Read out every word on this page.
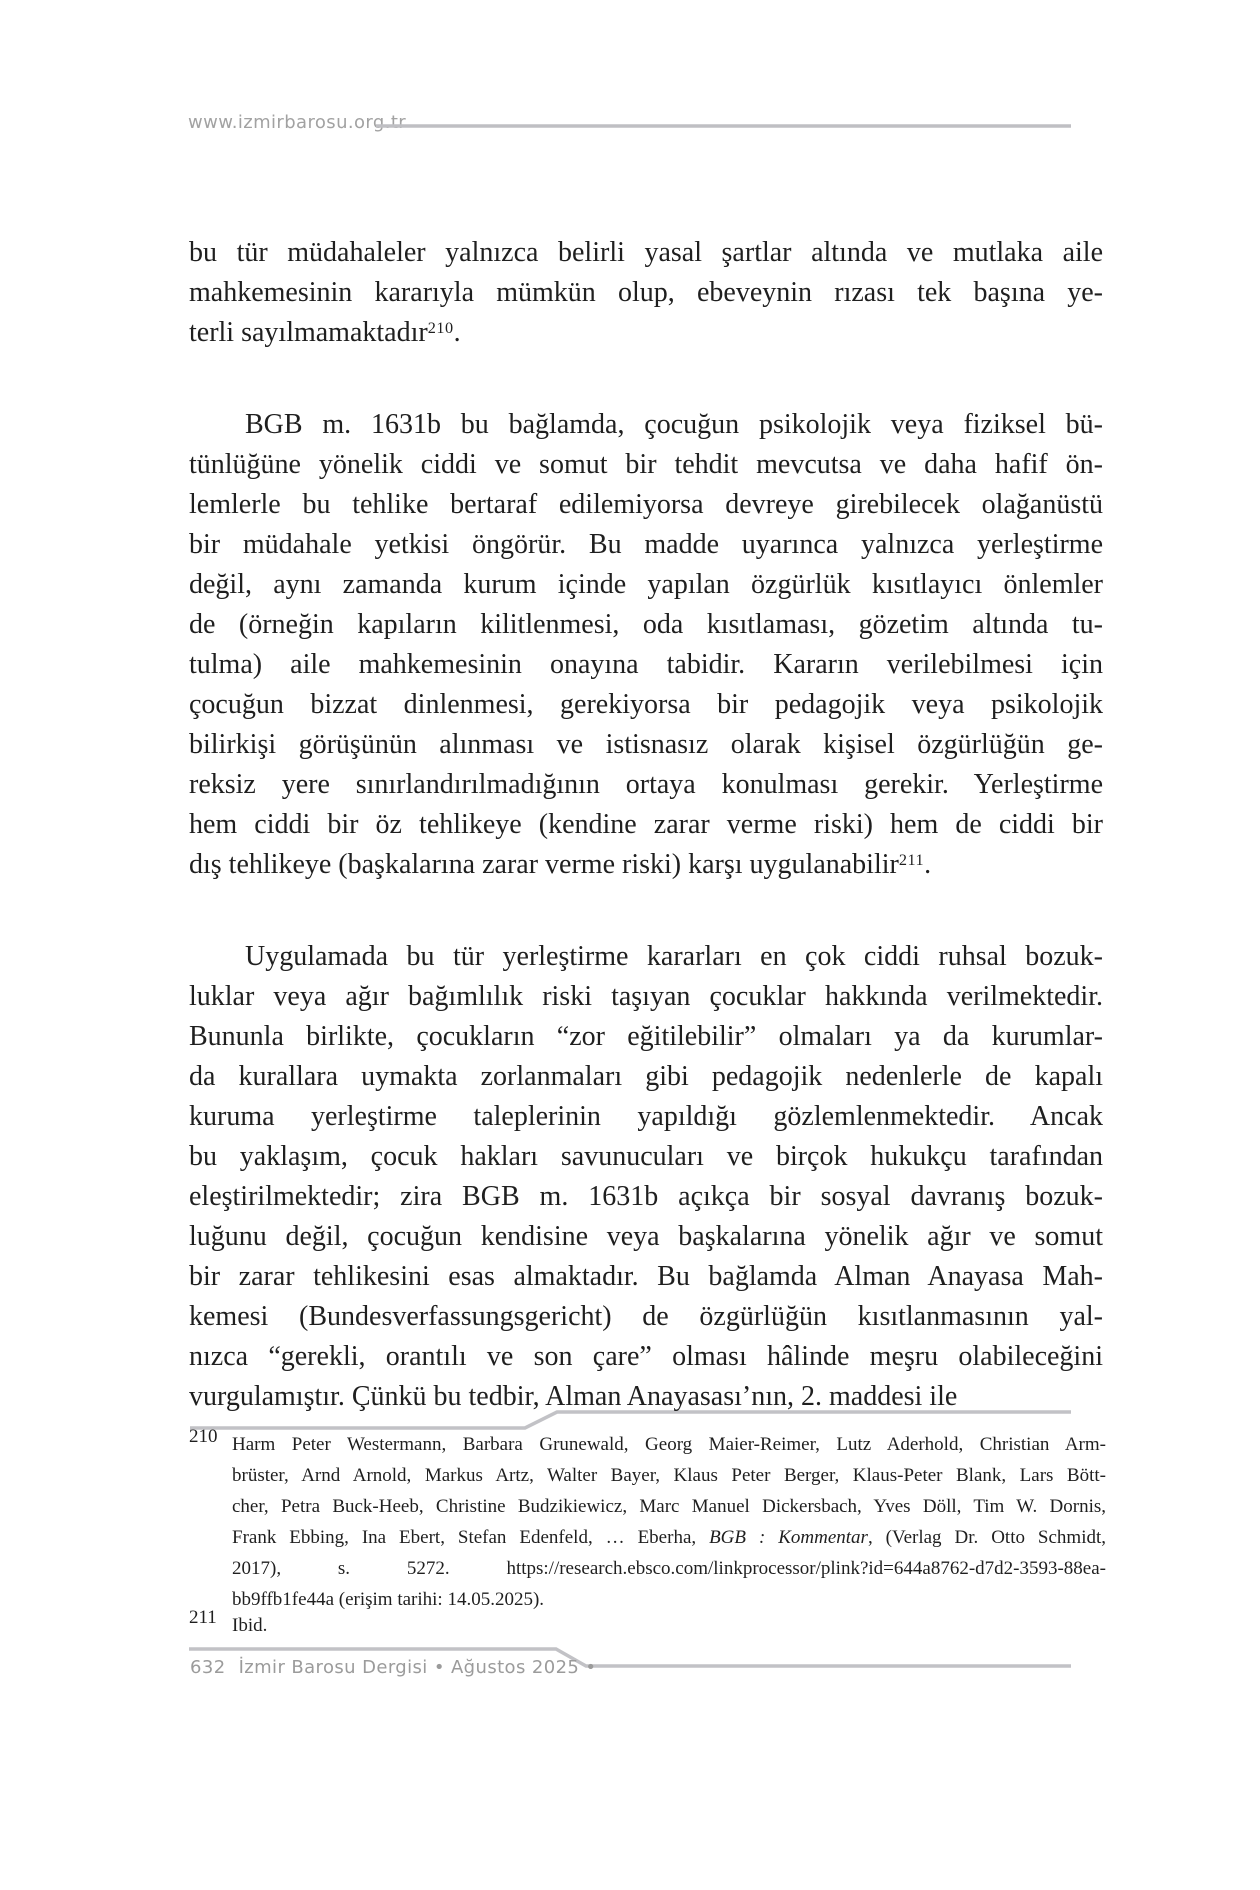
www.izmirbarosu.org.tr
bu tür müdahaleler yalnızca belirli yasal şartlar altında ve mutlaka aile
mahkemesinin kararıyla mümkün olup, ebeveynin rızası tek başına ye-
terli sayılmamaktadır$^{210}$.
BGB m. 1631b bu bağlamda, çocuğun psikolojik veya fiziksel bü-
tünlüğüne yönelik ciddi ve somut bir tehdit mevcutsa ve daha hafif ön-
lemlerle bu tehlike bertaraf edilemiyorsa devreye girebilecek olağanüstü
bir müdahale yetkisi öngörür. Bu madde uyarınca yalnızca yerleştirme
değil, aynı zamanda kurum içinde yapılan özgürlük kısıtlayıcı önlemler
de (örneğin kapıların kilitlenmesi, oda kısıtlaması, gözetim altında tu-
tulma) aile mahkemesinin onayına tabidir. Kararın verilebilmesi için
çocuğun bizzat dinlenmesi, gerekiyorsa bir pedagojik veya psikolojik
bilirkişi görüşünün alınması ve istisnasız olarak kişisel özgürlüğün ge-
reksiz yere sınırlandırılmadığının ortaya konulması gerekir. Yerleştirme
hem ciddi bir öz tehlikeye (kendine zarar verme riski) hem de ciddi bir
dış tehlikeye (başkalarına zarar verme riski) karşı uygulanabilir$^{211}$.
Uygulamada bu tür yerleştirme kararları en çok ciddi ruhsal bozuk-
luklar veya ağır bağımlılık riski taşıyan çocuklar hakkında verilmektedir.
Bununla birlikte, çocukların “zor eğitilebilir” olmaları ya da kurumlar-
da kurallara uymakta zorlanmaları gibi pedagojik nedenlerle de kapalı
kuruma yerleştirme taleplerinin yapıldığı gözlemlenmektedir. Ancak
bu yaklaşım, çocuk hakları savunucuları ve birçok hukukçu tarafından
eleştirilmektedir; zira BGB m. 1631b açıkça bir sosyal davranış bozuk-
luğunu değil, çocuğun kendisine veya başkalarına yönelik ağır ve somut
bir zarar tehlikesini esas almaktadır. Bu bağlamda Alman Anayasa Mah-
kemesi (Bundesverfassungsgericht) de özgürlüğün kısıtlanmasının yal-
nızca “gerekli, orantılı ve son çare” olması hâlinde meşru olabileceğini
vurgulamıştır. Çünkü bu tedbir, Alman Anayasası’nın, 2. maddesi ile
210 Harm Peter Westermann, Barbara Grunewald, Georg Maier-Reimer, Lutz Aderhold, Christian Arm-
brüster, Arnd Arnold, Markus Artz, Walter Bayer, Klaus Peter Berger, Klaus-Peter Blank, Lars Bött-
cher, Petra Buck-Heeb, Christine Budzikiewicz, Marc Manuel Dickersbach, Yves Döll, Tim W. Dornis,
Frank Ebbing, Ina Ebert, Stefan Edenfeld, … Eberha, BGB : Kommentar, (Verlag Dr. Otto Schmidt,
2017), s. 5272. https://research.ebsco.com/linkprocessor/plink?id=644a8762-d7d2-3593-88ea-
bb9ffb1fe44a (erişim tarihi: 14.05.2025).
211 Ibid.
632 İzmir Barosu Dergisi • Ağustos 2025 •
